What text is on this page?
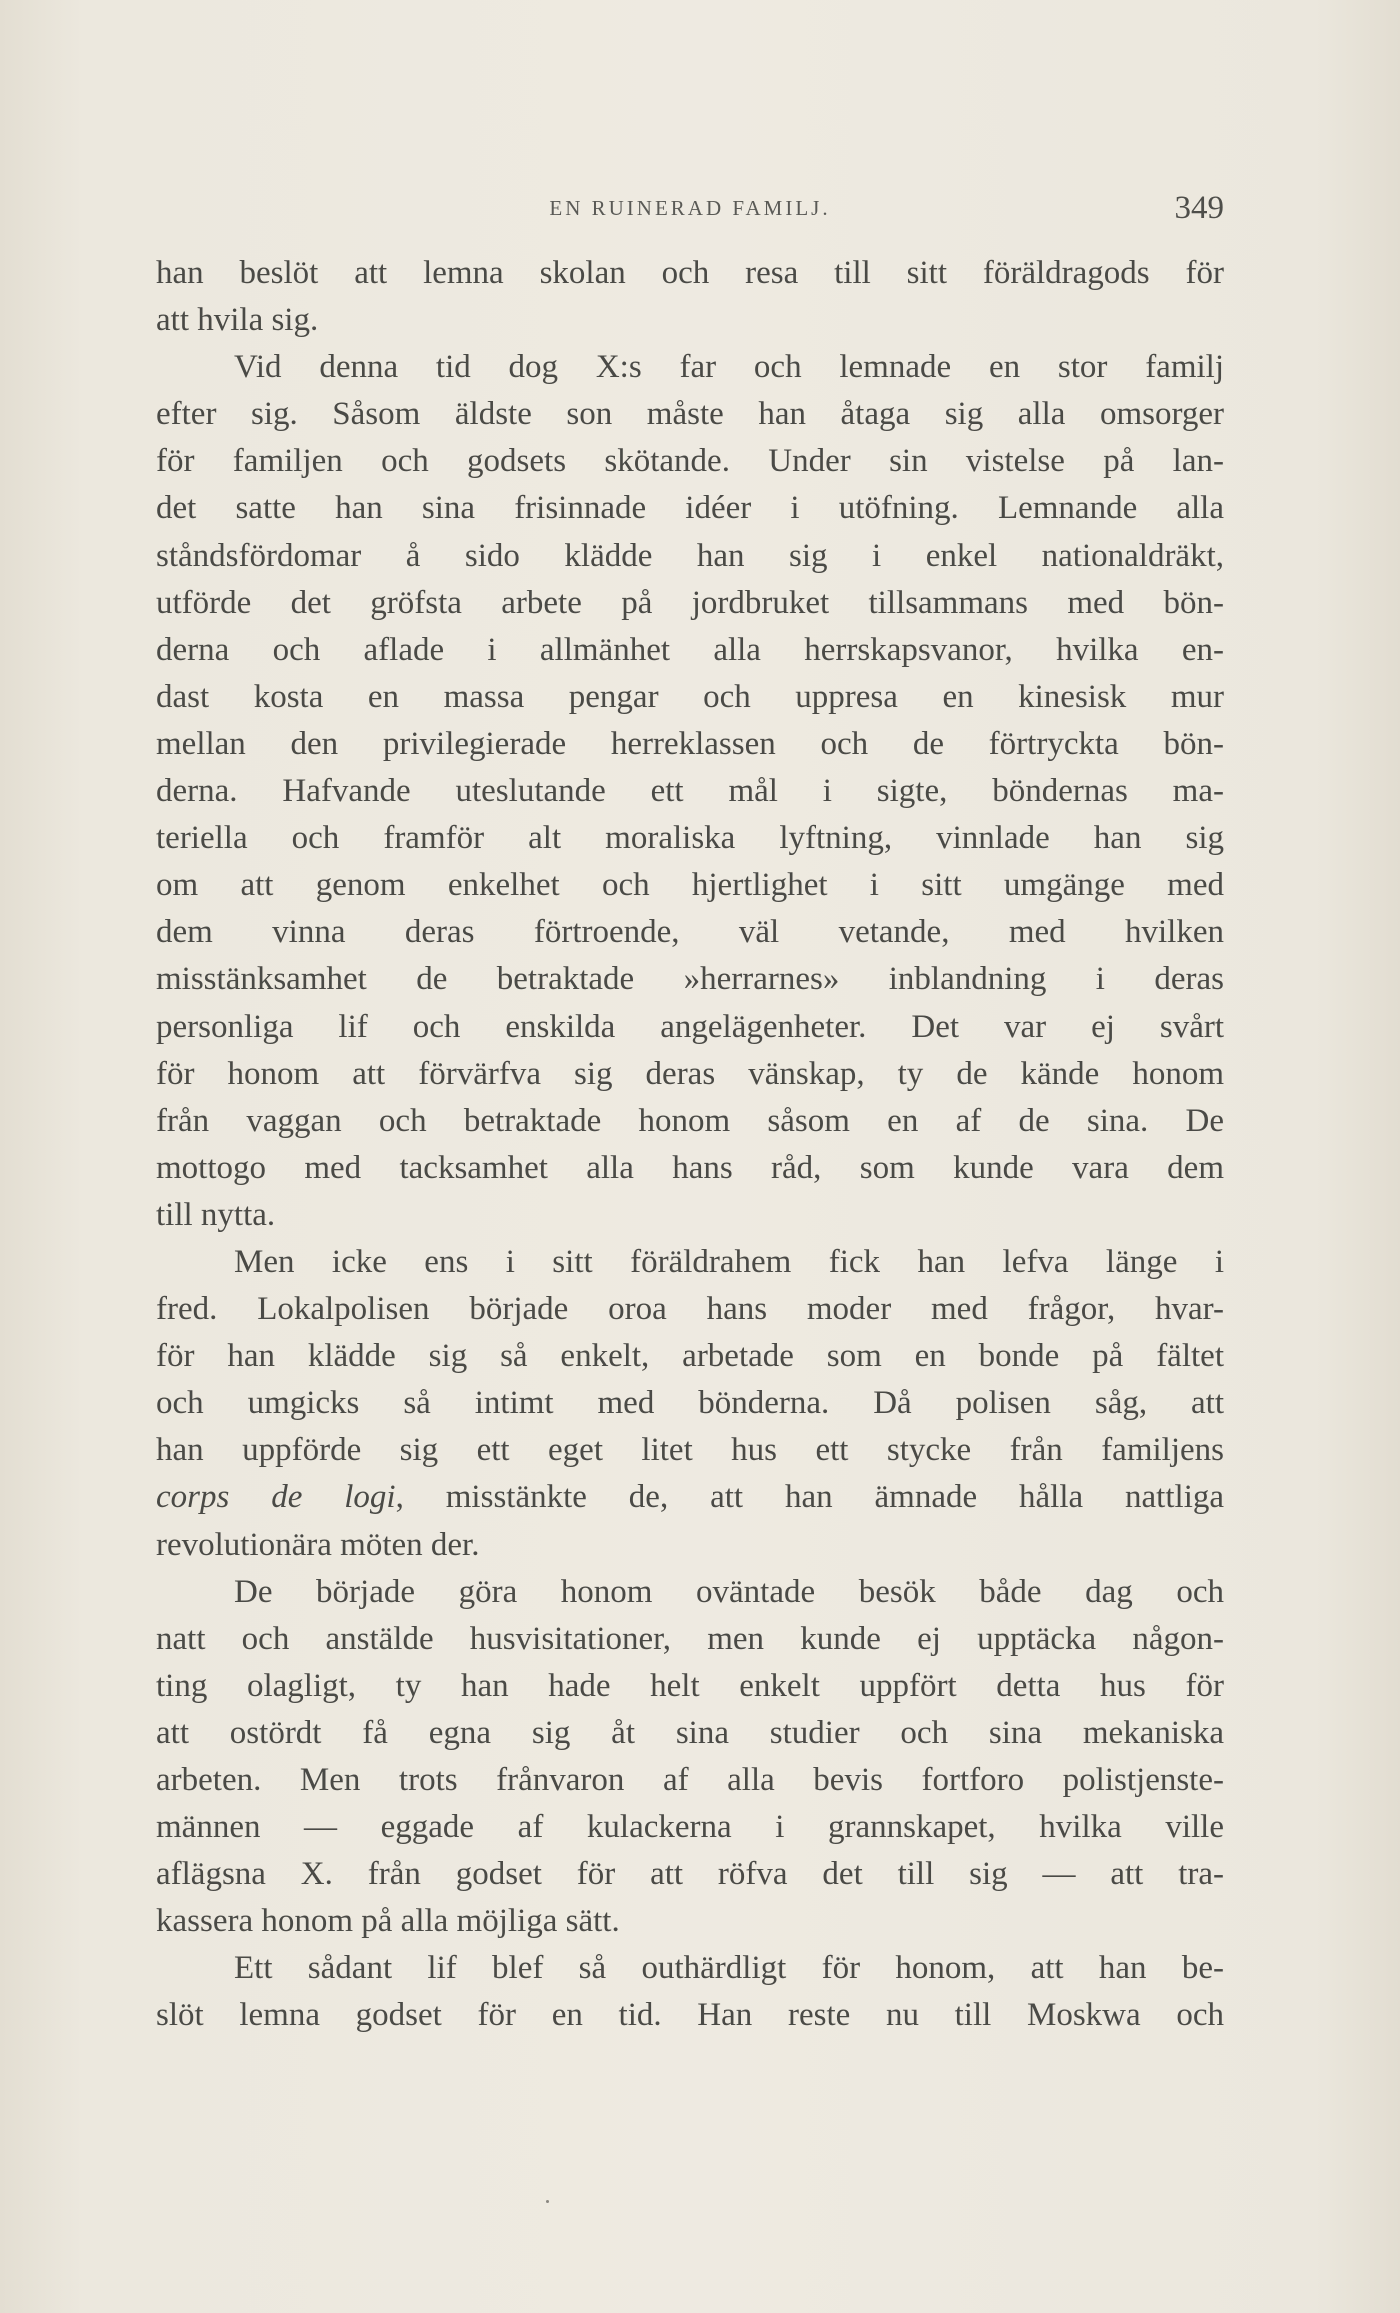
EN RUINERAD FAMILJ.	349
han beslöt att lemna skolan och resa till sitt föräldragods för
att hvila sig.
Vid denna tid dog X:s far och lemnade en stor familj
efter sig. Såsom äldste son måste han åtaga sig alla omsorger
för familjen och godsets skötande. Under sin vistelse på lan-
det satte han sina frisinnade idéer i utöfning. Lemnande alla
ståndsfördomar å sido klädde han sig i enkel nationaldräkt,
utförde det gröfsta arbete på jordbruket tillsammans med bön-
derna och aflade i allmänhet alla herrskapsvanor, hvilka en-
dast kosta en massa pengar och uppresa en kinesisk mur
mellan den privilegierade herreklassen och de förtryckta bön-
derna. Hafvande uteslutande ett mål i sigte, böndernas ma-
teriella och framför alt moraliska lyftning, vinnlade han sig
om att genom enkelhet och hjertlighet i sitt umgänge med
dem vinna deras förtroende, väl vetande, med hvilken
misstänksamhet de betraktade »herrarnes» inblandning i deras
personliga lif och enskilda angelägenheter. Det var ej svårt
för honom att förvärfva sig deras vänskap, ty de kände honom
från vaggan och betraktade honom såsom en af de sina. De
mottogo med tacksamhet alla hans råd, som kunde vara dem
till nytta.
Men icke ens i sitt föräldrahem fick han lefva länge i
fred. Lokalpolisen började oroa hans moder med frågor, hvar-
för han klädde sig så enkelt, arbetade som en bonde på fältet
och umgicks så intimt med bönderna. Då polisen såg, att
han uppförde sig ett eget litet hus ett stycke från familjens
corps de logi, misstänkte de, att han ämnade hålla nattliga
revolutionära möten der.
De började göra honom oväntade besök både dag och
natt och anstälde husvisitationer, men kunde ej upptäcka någon-
ting olagligt, ty han hade helt enkelt uppfört detta hus för
att ostördt få egna sig åt sina studier och sina mekaniska
arbeten. Men trots frånvaron af alla bevis fortforo polistjenste-
männen — eggade af kulackerna i grannskapet, hvilka ville
aflägsna X. från godset för att röfva det till sig — att tra-
kassera honom på alla möjliga sätt.
Ett sådant lif blef så outhärdligt för honom, att han be-
slöt lemna godset för en tid. Han reste nu till Moskwa och
